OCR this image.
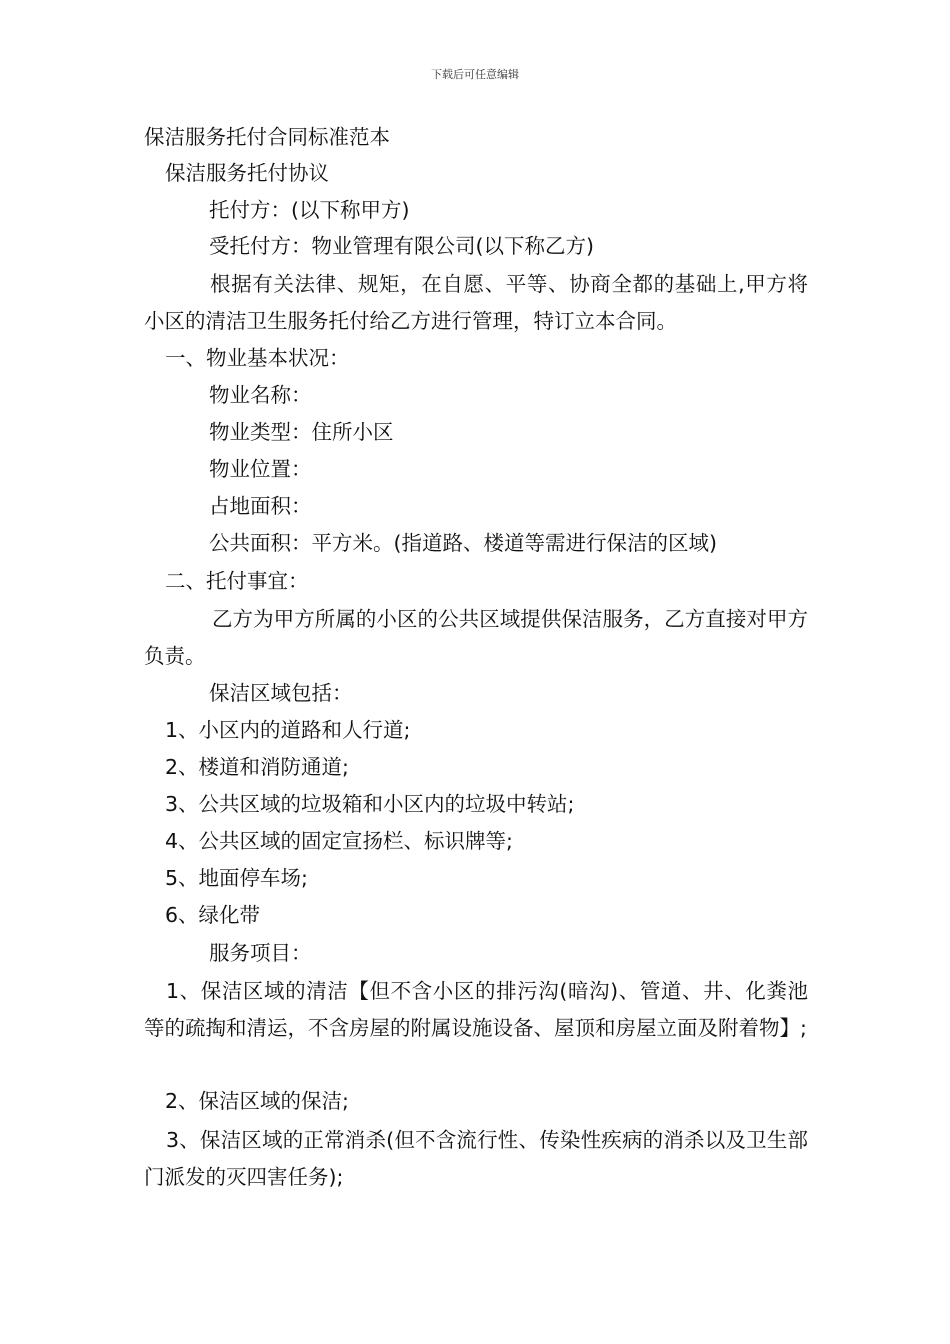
下载后可任意编辑
保洁服务托付合同标准范本
保洁服务托付协议
托付方：(以下称甲方)
受托付方：物业管理有限公司(以下称乙方)
根据有关法律、规矩，在自愿、平等、协商全都的基础上,甲方将小区的清洁卫生服务托付给乙方进行管理，特订立本合同。
一、物业基本状况：
物业名称：
物业类型：住所小区
物业位置：
占地面积：
公共面积：平方米。(指道路、楼道等需进行保洁的区域)
二、托付事宜：
乙方为甲方所属的小区的公共区域提供保洁服务，乙方直接对甲方负责。
保洁区域包括：
1、小区内的道路和人行道;
2、楼道和消防通道;
3、公共区域的垃圾箱和小区内的垃圾中转站;
4、公共区域的固定宣扬栏、标识牌等;
5、地面停车场;
6、绿化带
服务项目：
1、保洁区域的清洁【但不含小区的排污沟(暗沟)、管道、井、化粪池等的疏掏和清运，不含房屋的附属设施设备、屋顶和房屋立面及附着物】;
2、保洁区域的保洁;
3、保洁区域的正常消杀(但不含流行性、传染性疾病的消杀以及卫生部门派发的灭四害任务);
